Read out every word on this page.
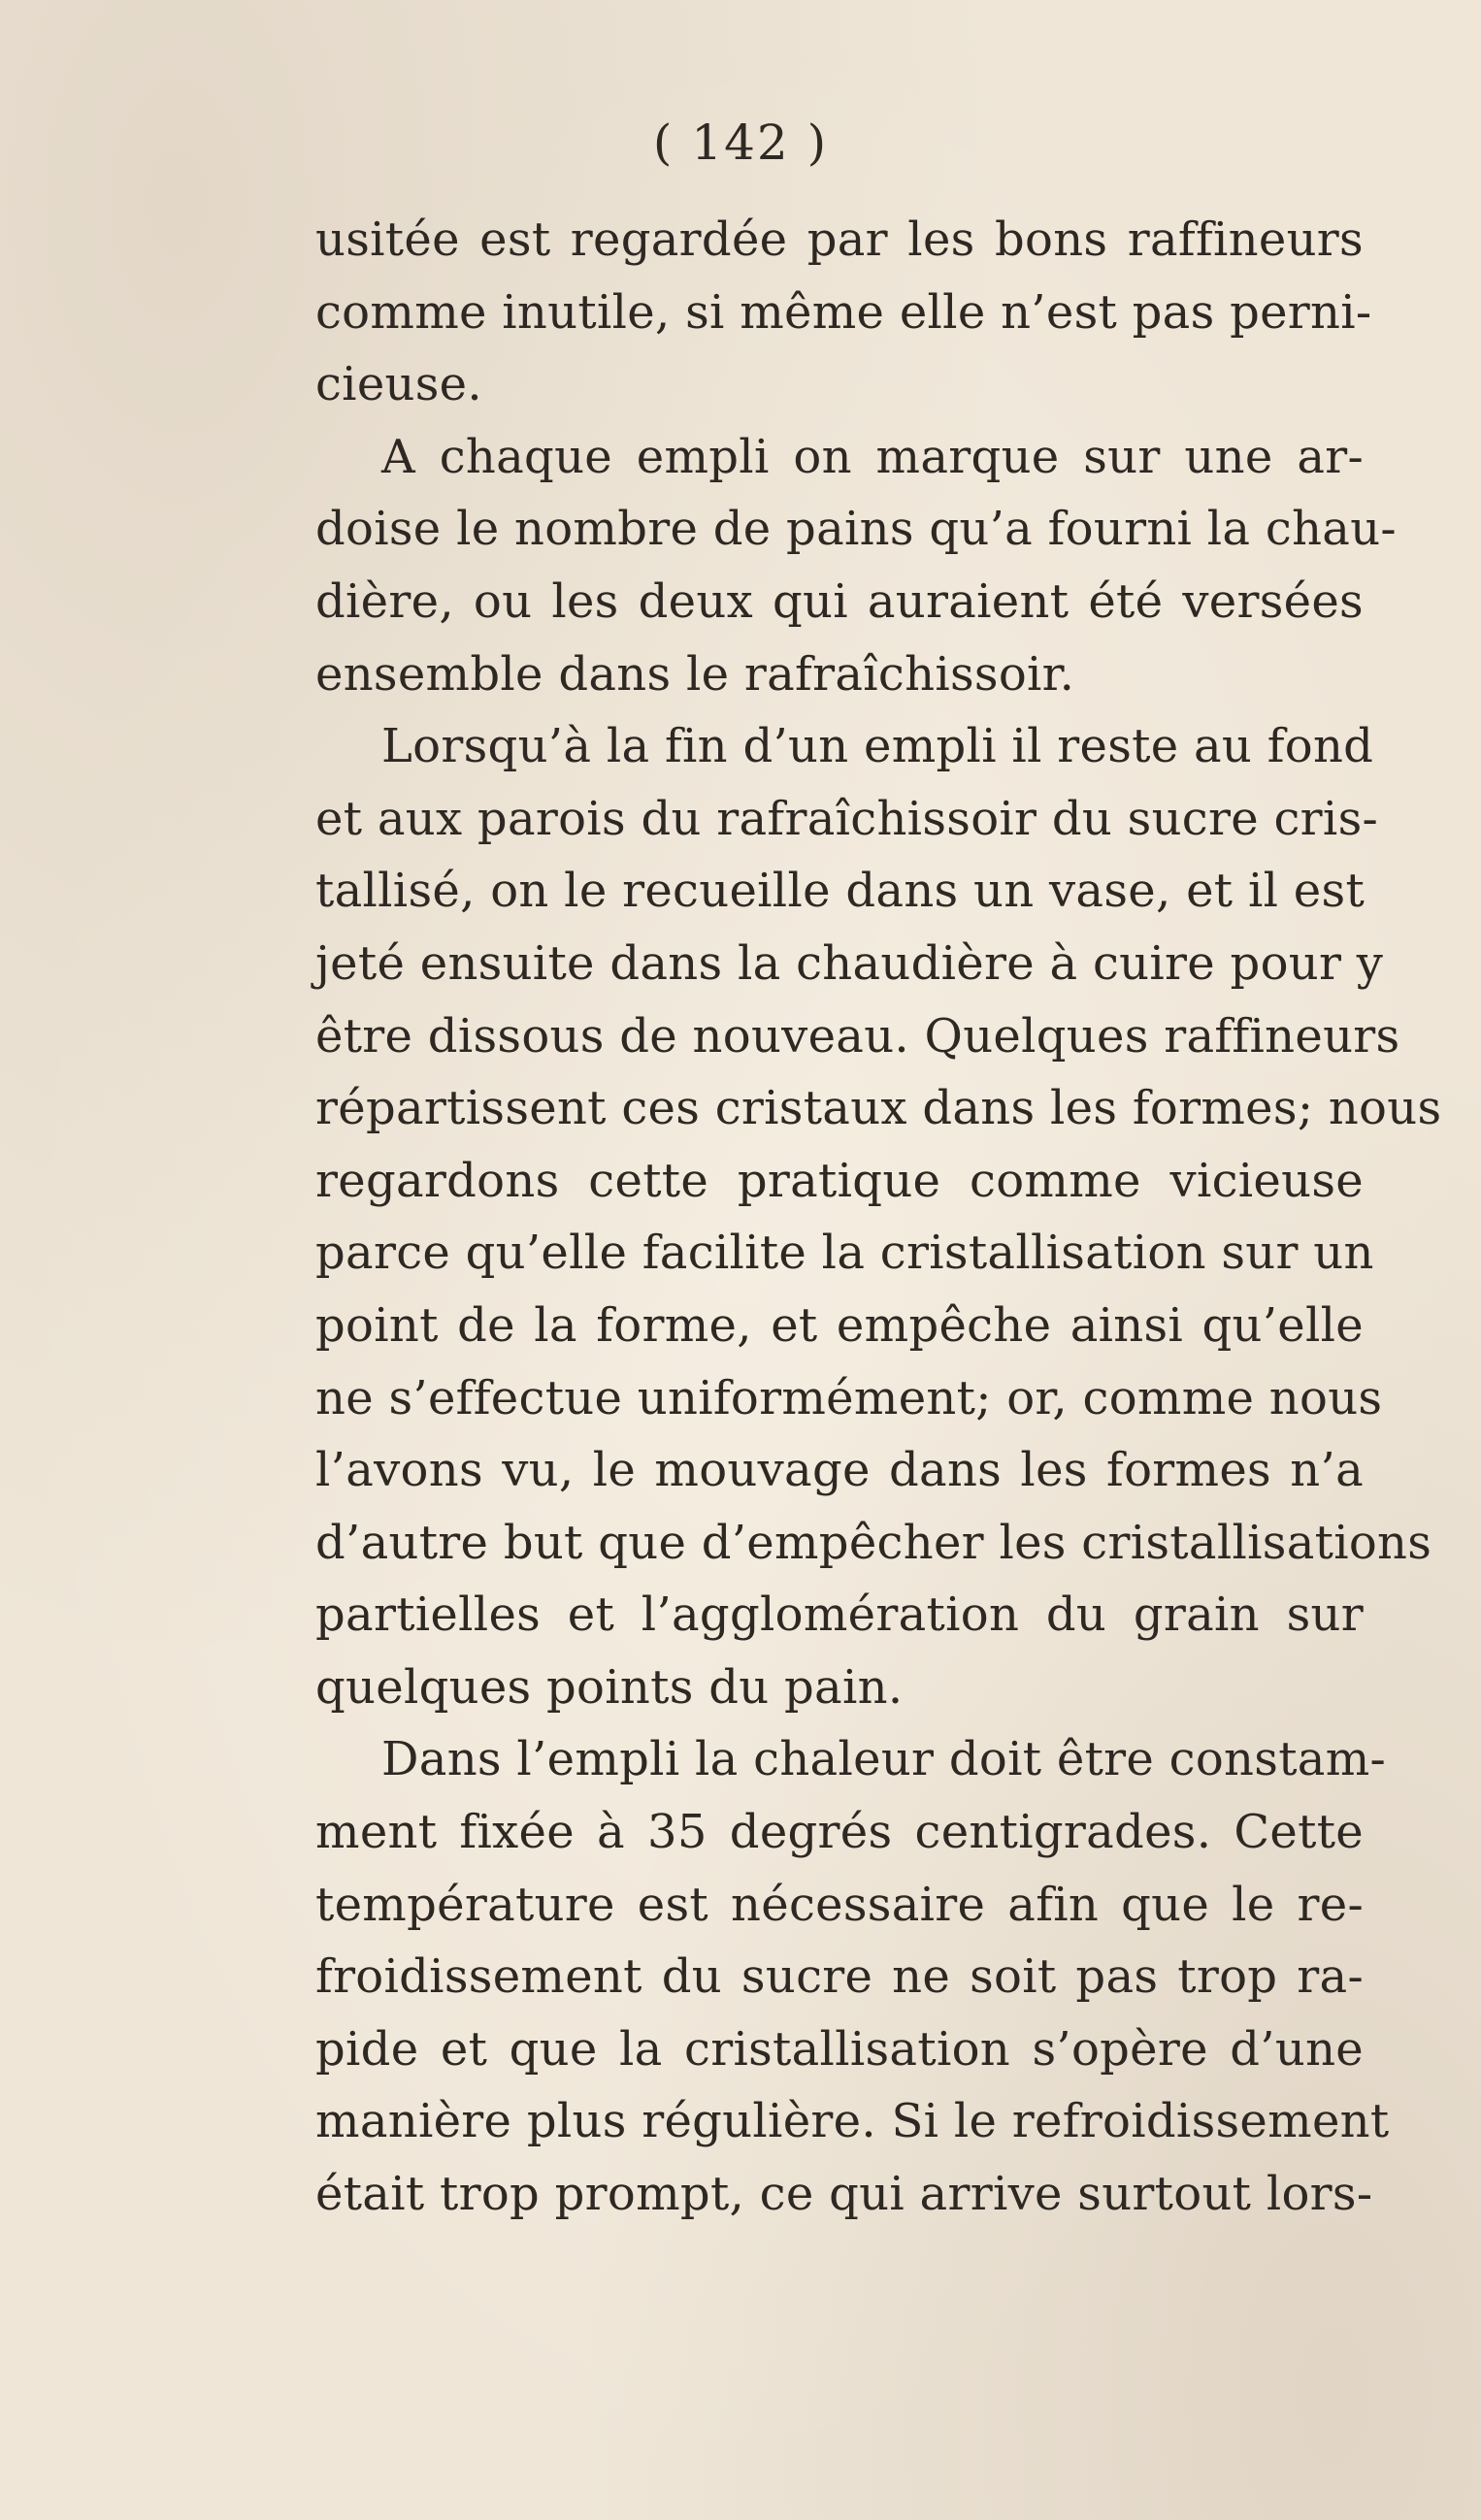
( 142 )
usitée est regardée par les bons raffineurs
comme inutile, si même elle n’est pas perni-
cieuse.
A chaque empli on marque sur une ar-
doise le nombre de pains qu’a fourni la chau-
dière, ou les deux qui auraient été versées
ensemble dans le rafraîchissoir.
Lorsqu’à la fin d’un empli il reste au fond
et aux parois du rafraîchissoir du sucre cris-
tallisé, on le recueille dans un vase, et il est
jeté ensuite dans la chaudière à cuire pour y
être dissous de nouveau. Quelques raffineurs
répartissent ces cristaux dans les formes; nous
regardons cette pratique comme vicieuse
parce qu’elle facilite la cristallisation sur un
point de la forme, et empêche ainsi qu’elle
ne s’effectue uniformément; or, comme nous
l’avons vu, le mouvage dans les formes n’a
d’autre but que d’empêcher les cristallisations
partielles et l’agglomération du grain sur
quelques points du pain.
Dans l’empli la chaleur doit être constam-
ment fixée à 35 degrés centigrades. Cette
température est nécessaire afin que le re-
froidissement du sucre ne soit pas trop ra-
pide et que la cristallisation s’opère d’une
manière plus régulière. Si le refroidissement
était trop prompt, ce qui arrive surtout lors-
